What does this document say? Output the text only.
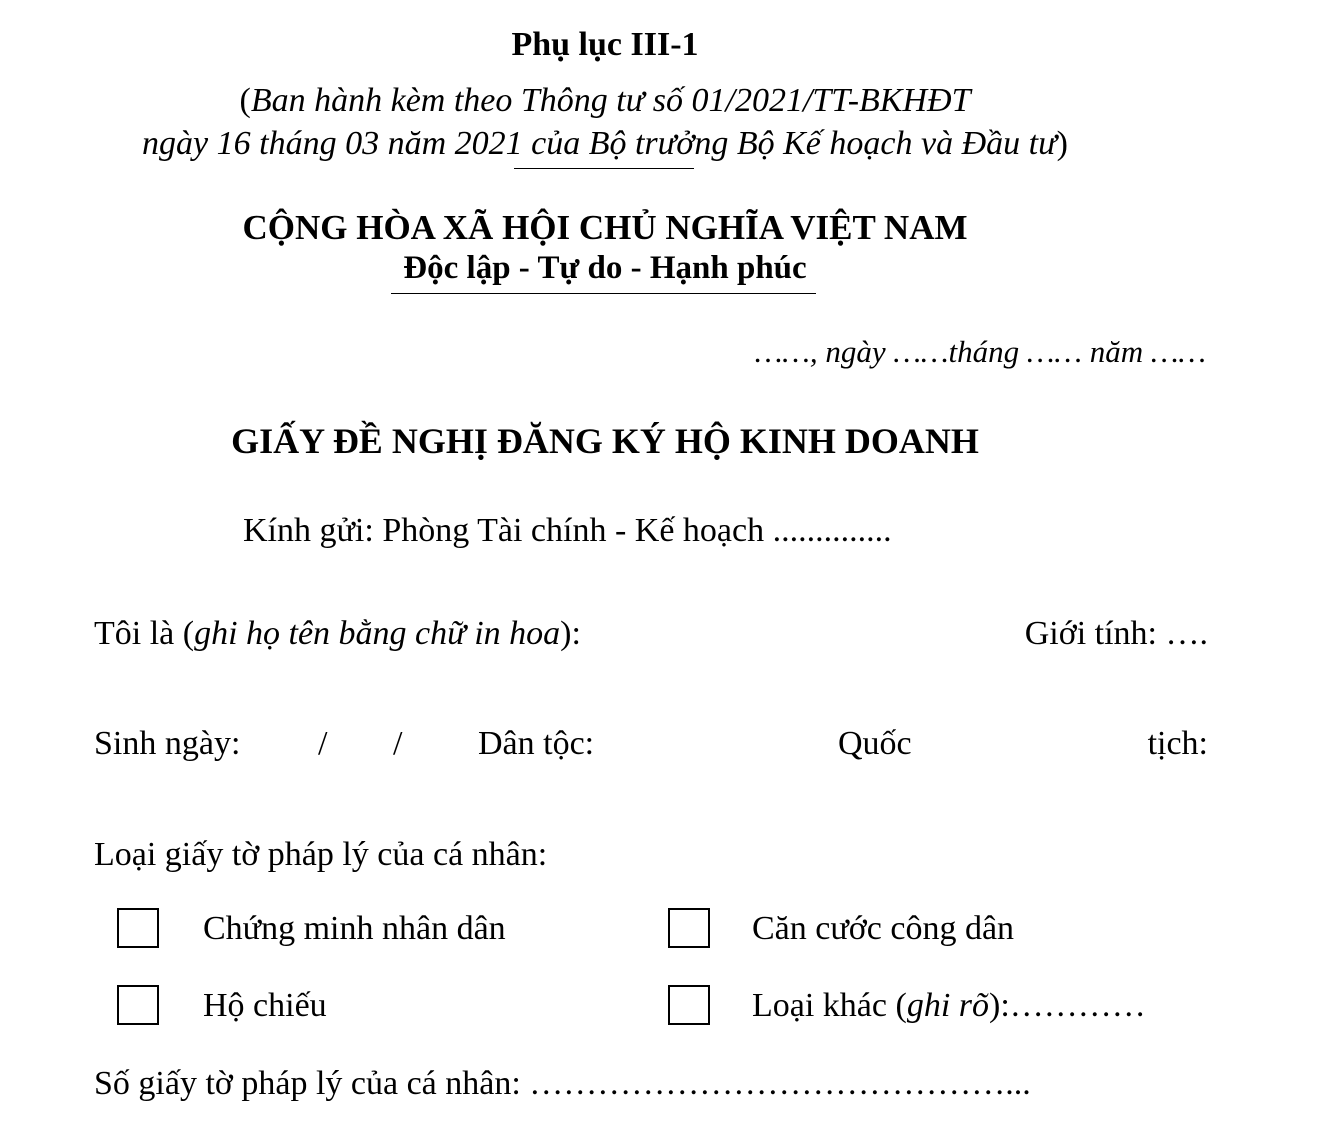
Phụ lục III-1
(Ban hành kèm theo Thông tư số 01/2021/TT-BKHĐT
ngày 16 tháng 03 năm 2021 của Bộ trưởng Bộ Kế hoạch và Đầu tư)
CỘNG HÒA XÃ HỘI CHỦ NGHĨA VIỆT NAM
Độc lập - Tự do - Hạnh phúc
……, ngày ……tháng …… năm ……
GIẤY ĐỀ NGHỊ ĐĂNG KÝ HỘ KINH DOANH
Kính gửi: Phòng Tài chính - Kế hoạch ..............
Tôi là (ghi họ tên bằng chữ in hoa):	Giới tính: ….
Sinh ngày: / / Dân tộc:	Quốc	tịch:
Loại giấy tờ pháp lý của cá nhân:
Chứng minh nhân dân	Căn cước công dân
Hộ chiếu	Loại khác (ghi rõ):…………
Số giấy tờ pháp lý của cá nhân: ……………………………………...
